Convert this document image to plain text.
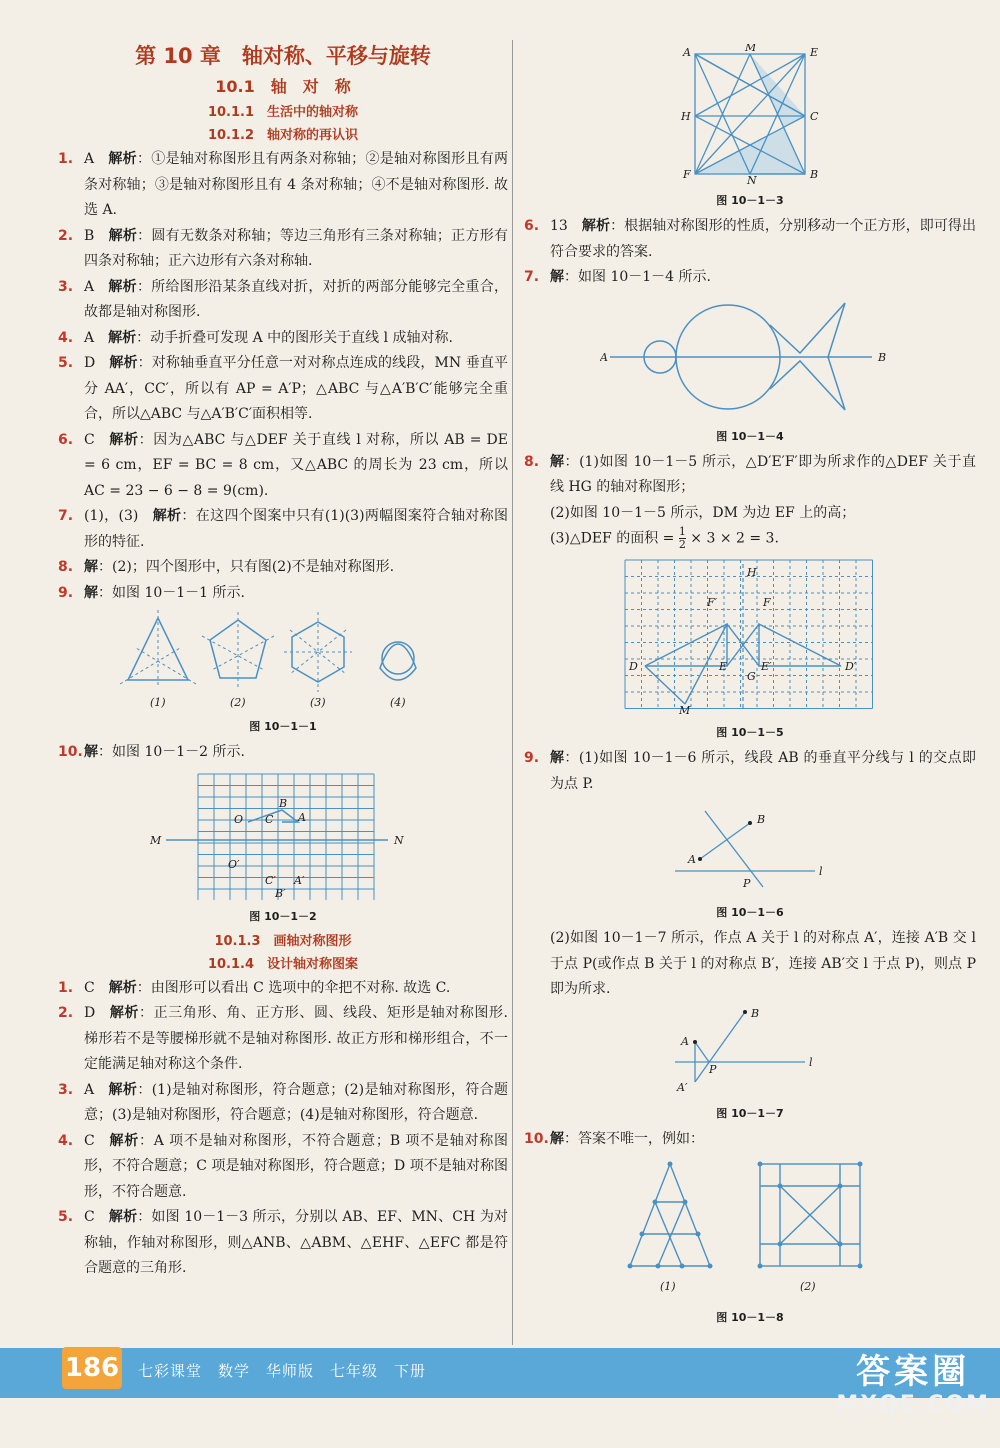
第 10 章　轴对称、平移与旋转
10.1　轴　对　称
10.1.1　生活中的轴对称
10.1.2　轴对称的再认识
1. A 解析：①是轴对称图形且有两条对称轴；②是轴对称图形且有两条对称轴；③是轴对称图形且有 4 条对称轴；④不是轴对称图形. 故选 A.
2. B 解析：圆有无数条对称轴；等边三角形有三条对称轴；正方形有四条对称轴；正六边形有六条对称轴.
3. A 解析：所给图形沿某条直线对折，对折的两部分能够完全重合，故都是轴对称图形.
4. A 解析：动手折叠可发现 A 中的图形关于直线 l 成轴对称.
5. D 解析：对称轴垂直平分任意一对对称点连成的线段，MN 垂直平分 AA′，CC′，所以有 AP = A′P；△ABC 与△A′B′C′能够完全重合，所以△ABC 与△A′B′C′面积相等.
6. C 解析：因为△ABC 与△DEF 关于直线 l 对称，所以 AB = DE = 6 cm，EF = BC = 8 cm，又△ABC 的周长为 23 cm，所以 AC = 23 − 6 − 8 = 9(cm).
7. (1)，(3) 解析：在这四个图案中只有(1)(3)两幅图案符合轴对称图形的特征.
8. 解：(2)；四个图形中，只有图(2)不是轴对称图形.
9. 解：如图 10－1－1 所示.
(1)	(2)	(3)	(4)
图 10－1－1
10. 解：如图 10－1－2 所示.
B
O C A
M	N
O′
C′ A′
B′
图 10－1－2
10.1.3　画轴对称图形
10.1.4　设计轴对称图案
1. C 解析：由图形可以看出 C 选项中的伞把不对称. 故选 C.
2. D 解析：正三角形、角、正方形、圆、线段、矩形是轴对称图形. 梯形若不是等腰梯形就不是轴对称图形. 故正方形和梯形组合，不一定能满足轴对称这个条件.
3. A 解析：(1)是轴对称图形，符合题意；(2)是轴对称图形，符合题意；(3)是轴对称图形，符合题意；(4)是轴对称图形，符合题意.
4. C 解析：A 项不是轴对称图形，不符合题意；B 项不是轴对称图形，不符合题意；C 项是轴对称图形，符合题意；D 项不是轴对称图形，不符合题意.
5. C 解析：如图 10－1－3 所示，分别以 AB、EF、MN、CH 为对称轴，作轴对称图形，则△ANB、△ABM、△EHF、△EFC 都是符合题意的三角形.
A	M	E
H	C
F	N	B
图 10－1－3
6. 13 解析：根据轴对称图形的性质，分别移动一个正方形，即可得出符合要求的答案.
7. 解：如图 10－1－4 所示.
A	B
图 10－1－4
8. 解：(1)如图 10－1－5 所示，△D′E′F′即为所求作的△DEF 关于直线 HG 的轴对称图形；
(2)如图 10－1－5 所示，DM 为边 EF 上的高；
(3)△DEF 的面积 = $\frac{1}{2} \times 3 \times 2 = 3$.
H
F′	F
D	E
G
E′	D′
M
图 10－1－5
9. 解：(1)如图 10－1－6 所示，线段 AB 的垂直平分线与 l 的交点即为点 P.
B
A
P
l
图 10－1－6
(2)如图 10－1－7 所示，作点 A 关于 l 的对称点 A′，连接 A′B 交 l 于点 P(或作点 B 关于 l 的对称点 B′，连接 AB′交 l 于点 P)，则点 P 即为所求.
B
A
P
A′
l
图 10－1－7
10. 解：答案不唯一，例如：
(1)	(2)
图 10－1－8
186 七彩课堂　数学　华师版　七年级　下册	答案圈
MXQE.COM
